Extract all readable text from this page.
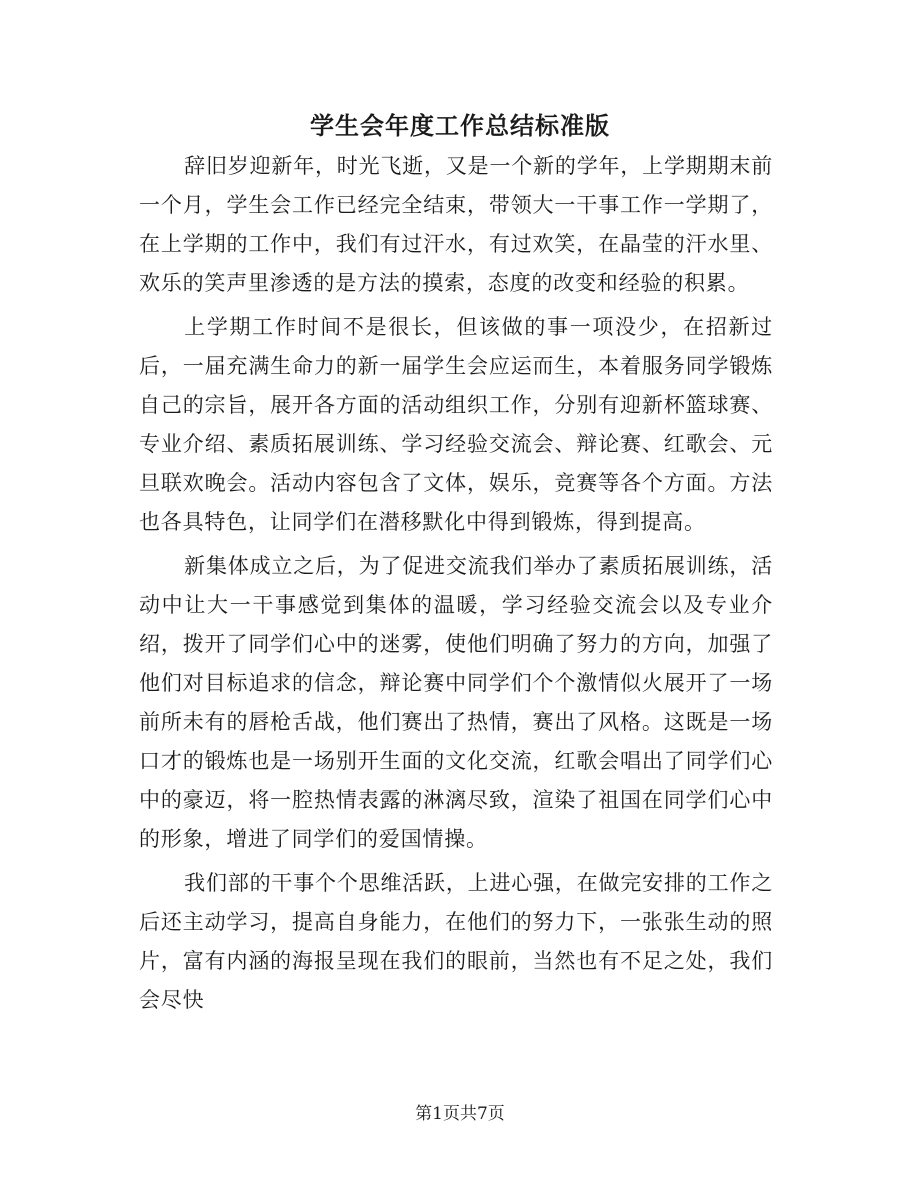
学生会年度工作总结标准版

辞旧岁迎新年，时光飞逝，又是一个新的学年，上学期期末前一个月，学生会工作已经完全结束，带领大一干事工作一学期了，在上学期的工作中，我们有过汗水，有过欢笑，在晶莹的汗水里、欢乐的笑声里渗透的是方法的摸索，态度的改变和经验的积累。

上学期工作时间不是很长，但该做的事一项没少，在招新过后，一届充满生命力的新一届学生会应运而生，本着服务同学锻炼自己的宗旨，展开各方面的活动组织工作，分别有迎新杯篮球赛、专业介绍、素质拓展训练、学习经验交流会、辩论赛、红歌会、元旦联欢晚会。活动内容包含了文体，娱乐，竞赛等各个方面。方法也各具特色，让同学们在潜移默化中得到锻炼，得到提高。

新集体成立之后，为了促进交流我们举办了素质拓展训练，活动中让大一干事感觉到集体的温暖，学习经验交流会以及专业介绍，拨开了同学们心中的迷雾，使他们明确了努力的方向，加强了他们对目标追求的信念，辩论赛中同学们个个激情似火展开了一场前所未有的唇枪舌战，他们赛出了热情，赛出了风格。这既是一场口才的锻炼也是一场别开生面的文化交流，红歌会唱出了同学们心中的豪迈，将一腔热情表露的淋漓尽致，渲染了祖国在同学们心中的形象，增进了同学们的爱国情操。

我们部的干事个个思维活跃，上进心强，在做完安排的工作之后还主动学习，提高自身能力，在他们的努力下，一张张生动的照片，富有内涵的海报呈现在我们的眼前，当然也有不足之处，我们会尽快

第1页共7页
